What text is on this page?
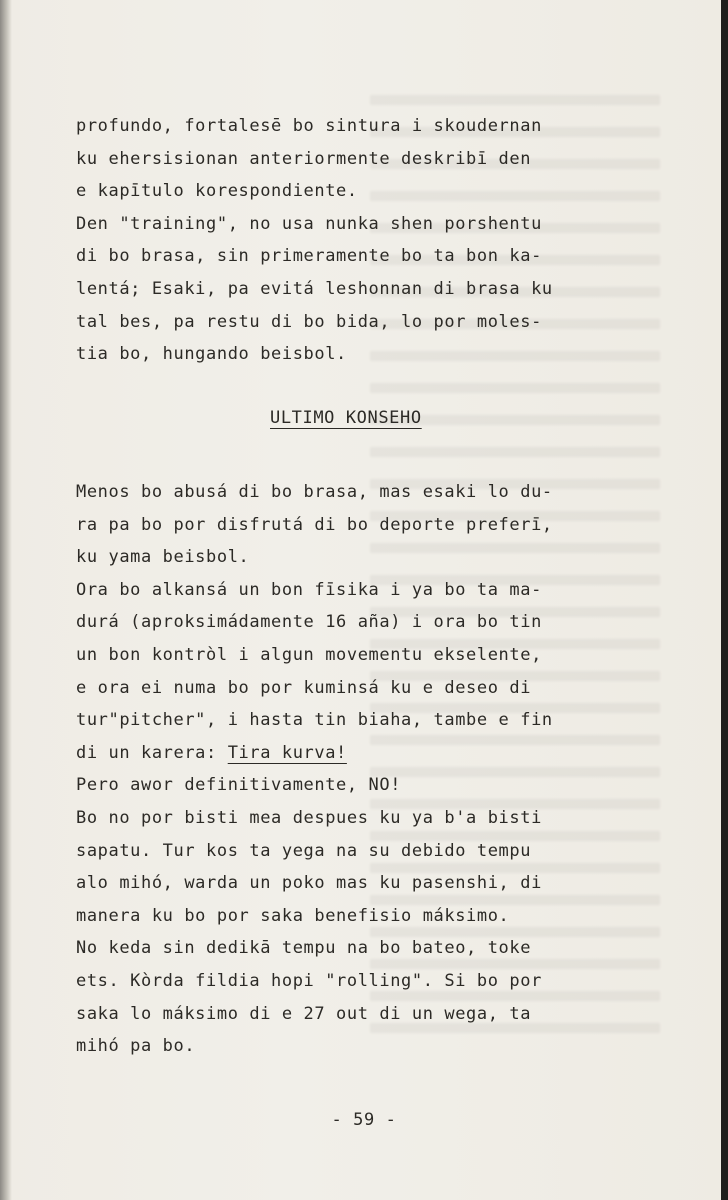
profundo, fortalesē bo sintura i skoudernan
ku ehersisionan anteriormente deskribī den
e kapītulo korespondiente.
Den "training", no usa nunka shen porshentu
di bo brasa, sin primeramente bo ta bon ka-
lentá; Esaki, pa evitá leshonnan di brasa ku
tal bes, pa restu di bo bida, lo por moles-
tia bo, hungando beisbol.
ULTIMO KONSEHO
Menos bo abusá di bo brasa, mas esaki lo du-
ra pa bo por disfrutá di bo deporte preferī,
ku yama beisbol.
Ora bo alkansá un bon fīsika i ya bo ta ma-
durá (aproksimádamente 16 aña) i ora bo tin
un bon kontròl i algun movementu ekselente,
e ora ei numa bo por kuminsá ku e deseo di
tur"pitcher", i hasta tin biaha, tambe e fin
di un karera: Tira kurva!
Pero awor definitivamente, NO!
Bo no por bisti mea despues ku ya b'a bisti
sapatu. Tur kos ta yega na su debido tempu
alo mihó, warda un poko mas ku pasenshi, di
manera ku bo por saka benefisio máksimo.
No keda sin dedikā tempu na bo bateo, toke
ets. Kòrda fildia hopi "rolling". Si bo por
saka lo máksimo di e 27 out di un wega, ta
mihó pa bo.
- 59 -
